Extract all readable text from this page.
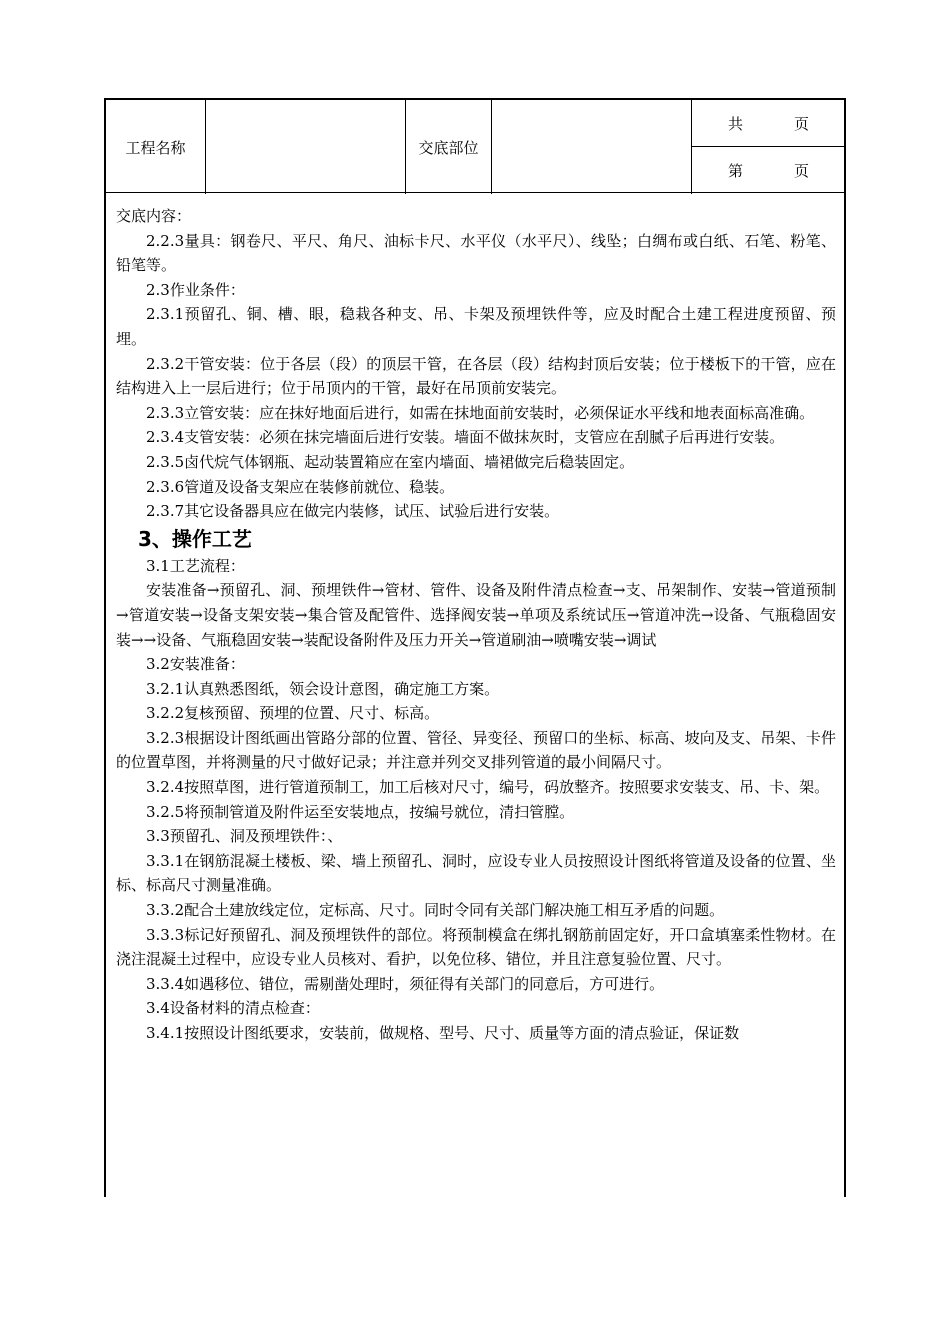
工程名称	交底部位
共	页
第	页

交底内容：

2.2.3量具：钢卷尺、平尺、角尺、油标卡尺、水平仪（水平尺）、线坠；白绸布或白纸、石笔、粉笔、铅笔等。

2.3作业条件：

2.3.1预留孔、铜、槽、眼，稳栽各种支、吊、卡架及预埋铁件等，应及时配合土建工程进度预留、预埋。

2.3.2干管安装：位于各层（段）的顶层干管，在各层（段）结构封顶后安装；位于楼板下的干管，应在结构进入上一层后进行；位于吊顶内的干管，最好在吊顶前安装完。

2.3.3立管安装：应在抹好地面后进行，如需在抹地面前安装时，必须保证水平线和地表面标高准确。

2.3.4支管安装：必须在抹完墙面后进行安装。墙面不做抹灰时，支管应在刮腻子后再进行安装。

2.3.5卤代烷气体钢瓶、起动装置箱应在室内墙面、墙裙做完后稳装固定。

2.3.6管道及设备支架应在装修前就位、稳装。

2.3.7其它设备器具应在做完内装修，试压、试验后进行安装。

3、操作工艺

3.1工艺流程：

安装准备→预留孔、洞、预埋铁件→管材、管件、设备及附件清点检查→支、吊架制作、安装→管道预制→管道安装→设备支架安装→集合管及配管件、选择阀安装→单项及系统试压→管道冲洗→设备、气瓶稳固安装→→设备、气瓶稳固安装→装配设备附件及压力开关→管道刷油→喷嘴安装→调试

3.2安装准备：

3.2.1认真熟悉图纸，领会设计意图，确定施工方案。

3.2.2复核预留、预埋的位置、尺寸、标高。

3.2.3根据设计图纸画出管路分部的位置、管径、异变径、预留口的坐标、标高、坡向及支、吊架、卡件的位置草图，并将测量的尺寸做好记录；并注意并列交叉排列管道的最小间隔尺寸。

3.2.4按照草图，进行管道预制工，加工后核对尺寸，编号，码放整齐。按照要求安装支、吊、卡、架。

3.2.5将预制管道及附件运至安装地点，按编号就位，清扫管膛。

3.3预留孔、洞及预埋铁件：、

3.3.1在钢筋混凝土楼板、梁、墙上预留孔、洞时，应设专业人员按照设计图纸将管道及设备的位置、坐标、标高尺寸测量准确。

3.3.2配合土建放线定位，定标高、尺寸。同时令同有关部门解决施工相互矛盾的问题。

3.3.3标记好预留孔、洞及预埋铁件的部位。将预制模盒在绑扎钢筋前固定好，开口盒填塞柔性物材。在浇注混凝土过程中，应设专业人员核对、看护，以免位移、错位，并且注意复验位置、尺寸。

3.3.4如遇移位、错位，需剔凿处理时，须征得有关部门的同意后，方可进行。

3.4设备材料的清点检查：

3.4.1按照设计图纸要求，安装前，做规格、型号、尺寸、质量等方面的清点验证，保证数
